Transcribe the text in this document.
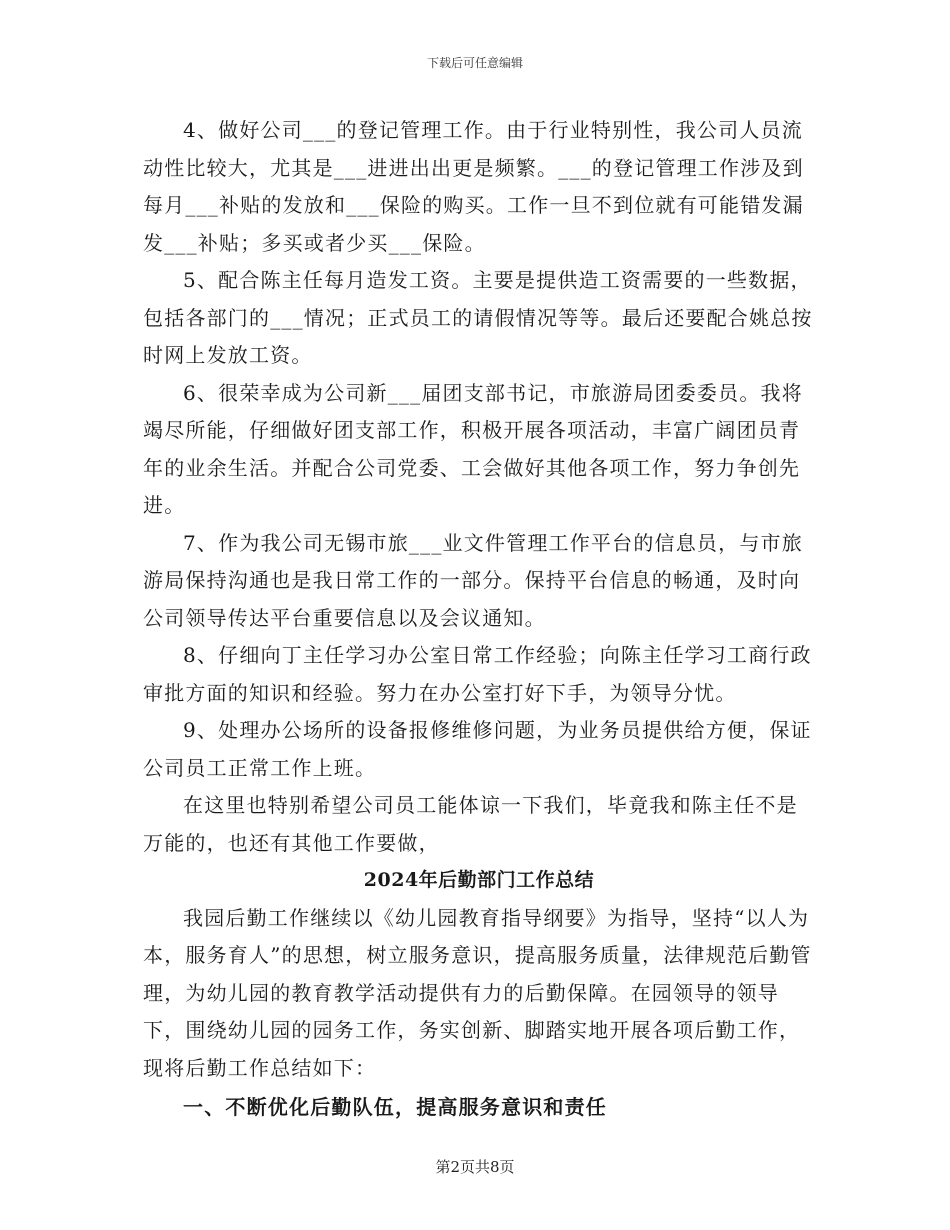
下载后可任意编辑

4、做好公司___的登记管理工作。由于行业特别性，我公司人员流动性比较大，尤其是___进进出出更是频繁。___的登记管理工作涉及到每月___补贴的发放和___保险的购买。工作一旦不到位就有可能错发漏发___补贴；多买或者少买___保险。

5、配合陈主任每月造发工资。主要是提供造工资需要的一些数据，包括各部门的___情况；正式员工的请假情况等等。最后还要配合姚总按时网上发放工资。

6、很荣幸成为公司新___届团支部书记，市旅游局团委委员。我将竭尽所能，仔细做好团支部工作，积极开展各项活动，丰富广阔团员青年的业余生活。并配合公司党委、工会做好其他各项工作，努力争创先进。

7、作为我公司无锡市旅___业文件管理工作平台的信息员，与市旅游局保持沟通也是我日常工作的一部分。保持平台信息的畅通，及时向公司领导传达平台重要信息以及会议通知。

8、仔细向丁主任学习办公室日常工作经验；向陈主任学习工商行政审批方面的知识和经验。努力在办公室打好下手，为领导分忧。

9、处理办公场所的设备报修维修问题，为业务员提供给方便，保证公司员工正常工作上班。

在这里也特别希望公司员工能体谅一下我们，毕竟我和陈主任不是万能的，也还有其他工作要做，

2024年后勤部门工作总结

我园后勤工作继续以《幼儿园教育指导纲要》为指导，坚持“以人为本，服务育人”的思想，树立服务意识，提高服务质量，法律规范后勤管理，为幼儿园的教育教学活动提供有力的后勤保障。在园领导的领导下，围绕幼儿园的园务工作，务实创新、脚踏实地开展各项后勤工作，现将后勤工作总结如下：

一、不断优化后勤队伍，提高服务意识和责任
第2页共8页
